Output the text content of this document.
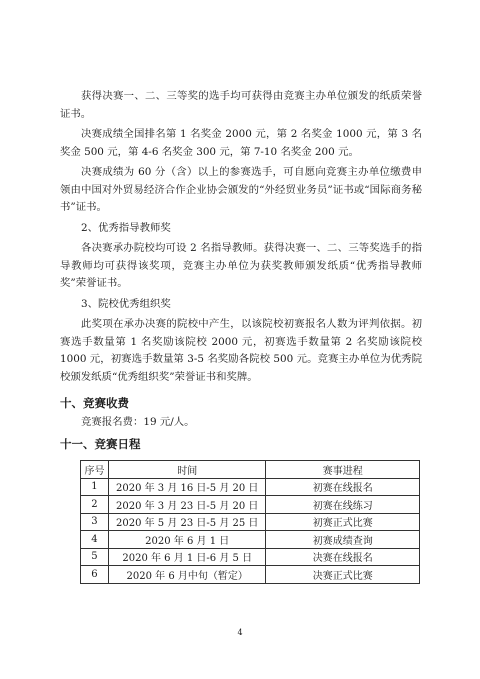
获得决赛一、二、三等奖的选手均可获得由竞赛主办单位颁发的纸质荣誉证书。

决赛成绩全国排名第 1 名奖金 2000 元，第 2 名奖金 1000 元，第 3 名奖金 500 元，第 4-6 名奖金 300 元，第 7-10 名奖金 200 元。

决赛成绩为 60 分（含）以上的参赛选手，可自愿向竞赛主办单位缴费申领由中国对外贸易经济合作企业协会颁发的“外经贸业务员”证书或“国际商务秘书”证书。

2、优秀指导教师奖

各决赛承办院校均可设 2 名指导教师。获得决赛一、二、三等奖选手的指导教师均可获得该奖项，竞赛主办单位为获奖教师颁发纸质“优秀指导教师奖”荣誉证书。

3、院校优秀组织奖

此奖项在承办决赛的院校中产生，以该院校初赛报名人数为评判依据。初赛选手数量第 1 名奖励该院校 2000 元，初赛选手数量第 2 名奖励该院校 1000 元，初赛选手数量第 3-5 名奖励各院校 500 元。竞赛主办单位为优秀院校颁发纸质“优秀组织奖”荣誉证书和奖牌。

十、竞赛收费

竞赛报名费：19 元/人。

十一、竞赛日程

序号	时间	赛事进程
1	2020 年 3 月 16 日-5 月 20 日	初赛在线报名
2	2020 年 3 月 23 日-5 月 20 日	初赛在线练习
3	2020 年 5 月 23 日-5 月 25 日	初赛正式比赛
4	2020 年 6 月 1 日	初赛成绩查询
5	2020 年 6 月 1 日-6 月 5 日	决赛在线报名
6	2020 年 6 月中旬（暂定）	决赛正式比赛
4
